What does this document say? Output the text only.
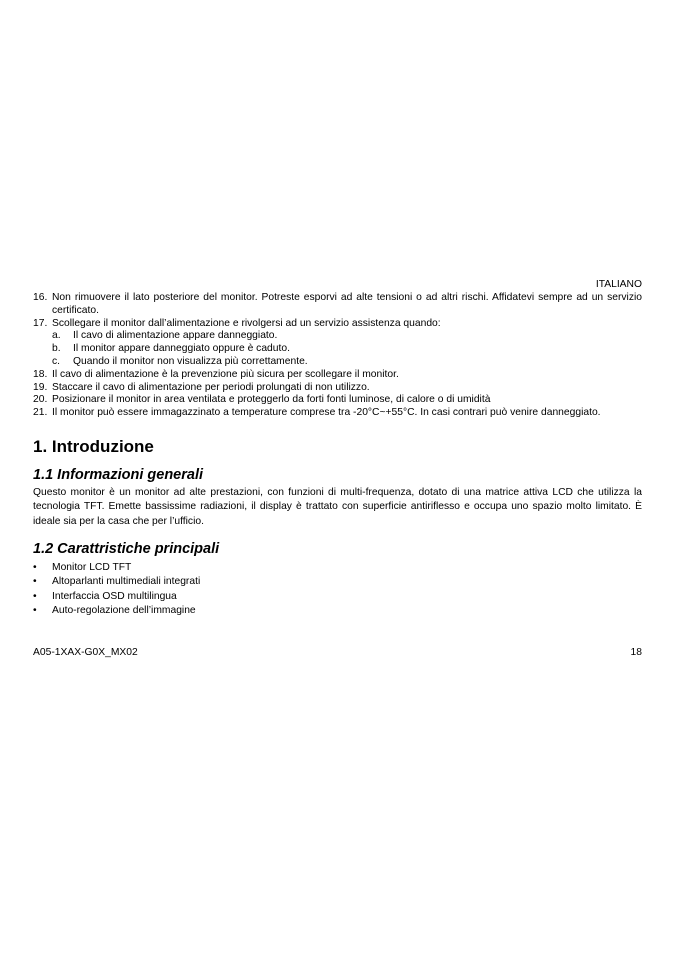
ITALIANO
16. Non rimuovere il lato posteriore del monitor. Potreste esporvi ad alte tensioni o ad altri rischi. Affidatevi sempre ad un servizio certificato.
17. Scollegare il monitor dall’alimentazione e rivolgersi ad un servizio assistenza quando:
a. Il cavo di alimentazione appare danneggiato.
b. Il monitor appare danneggiato oppure è caduto.
c. Quando il monitor non visualizza più correttamente.
18. Il cavo di alimentazione è la prevenzione più sicura per scollegare il monitor.
19. Staccare il cavo di alimentazione per periodi prolungati di non utilizzo.
20. Posizionare il monitor in area ventilata e proteggerlo da forti fonti luminose, di calore o di umidità
21. Il monitor può essere immagazzinato a temperature comprese tra -20°C~+55°C. In casi contrari può venire danneggiato.
1. Introduzione
1.1 Informazioni generali

Questo monitor è un monitor ad alte prestazioni, con funzioni di multi-frequenza, dotato di una matrice attiva LCD che utilizza la tecnologia TFT. Emette bassissime radiazioni, il display è trattato con superficie antiriflesso e occupa uno spazio molto limitato. È ideale sia per la casa che per l’ufficio.

1.2 Carattristiche principali
• Monitor LCD TFT
• Altoparlanti multimediali integrati
• Interfaccia OSD multilingua
• Auto-regolazione dell’immagine
A05-1XAX-G0X_MX02	18
